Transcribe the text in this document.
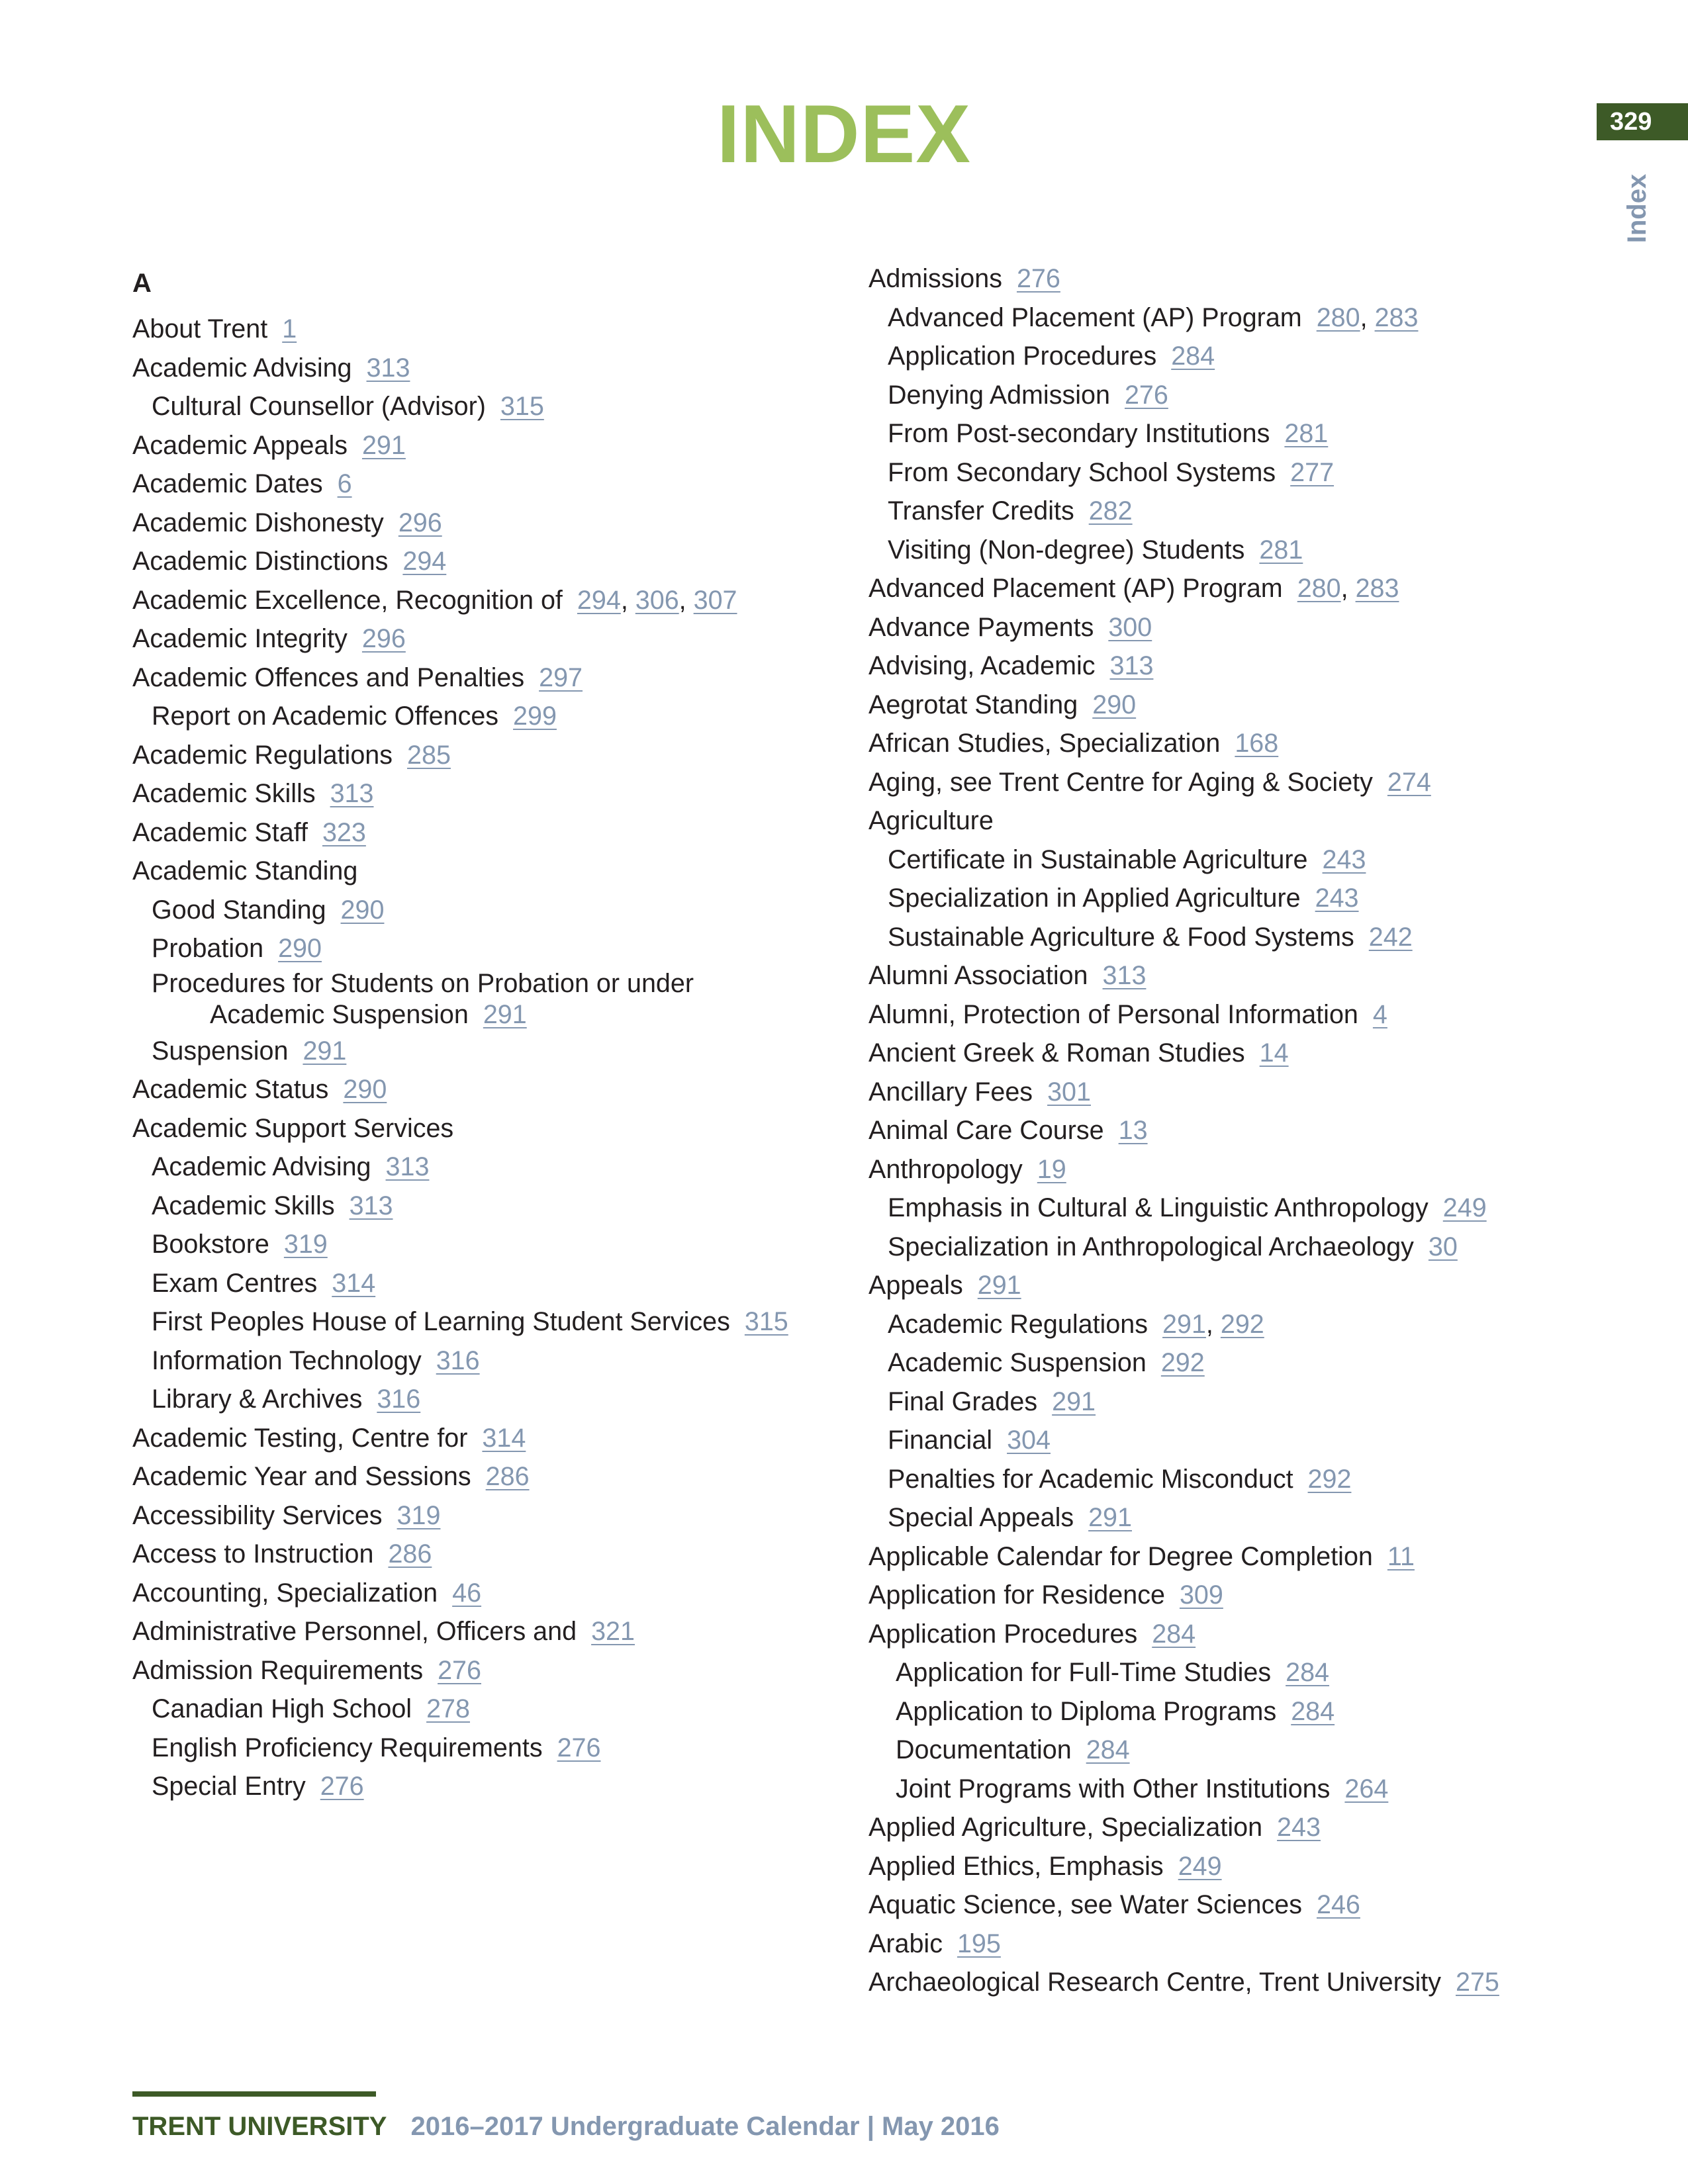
INDEX	329
Index
A
About Trent 1
Academic Advising 313
Cultural Counsellor (Advisor) 315
Academic Appeals 291
Academic Dates 6
Academic Dishonesty 296
Academic Distinctions 294
Academic Excellence, Recognition of 294, 306, 307
Academic Integrity 296
Academic Offences and Penalties 297
Report on Academic Offences 299
Academic Regulations 285
Academic Skills 313
Academic Staff 323
Academic Standing
Good Standing 290
Probation 290
Procedures for Students on Probation or under
Academic Suspension 291
Suspension 291
Academic Status 290
Academic Support Services
Academic Advising 313
Academic Skills 313
Bookstore 319
Exam Centres 314
First Peoples House of Learning Student Services 315
Information Technology 316
Library & Archives 316
Academic Testing, Centre for 314
Academic Year and Sessions 286
Accessibility Services 319
Access to Instruction 286
Accounting, Specialization 46
Administrative Personnel, Officers and 321
Admission Requirements 276
Canadian High School 278
English Proficiency Requirements 276
Special Entry 276
Admissions 276
Advanced Placement (AP) Program 280, 283
Application Procedures 284
Denying Admission 276
From Post-secondary Institutions 281
From Secondary School Systems 277
Transfer Credits 282
Visiting (Non-degree) Students 281
Advanced Placement (AP) Program 280, 283
Advance Payments 300
Advising, Academic 313
Aegrotat Standing 290
African Studies, Specialization 168
Aging, see Trent Centre for Aging & Society 274
Agriculture
Certificate in Sustainable Agriculture 243
Specialization in Applied Agriculture 243
Sustainable Agriculture & Food Systems 242
Alumni Association 313
Alumni, Protection of Personal Information 4
Ancient Greek & Roman Studies 14
Ancillary Fees 301
Animal Care Course 13
Anthropology 19
Emphasis in Cultural & Linguistic Anthropology 249
Specialization in Anthropological Archaeology 30
Appeals 291
Academic Regulations 291, 292
Academic Suspension 292
Final Grades 291
Financial 304
Penalties for Academic Misconduct 292
Special Appeals 291
Applicable Calendar for Degree Completion 11
Application for Residence 309
Application Procedures 284
Application for Full-Time Studies 284
Application to Diploma Programs 284
Documentation 284
Joint Programs with Other Institutions 264
Applied Agriculture, Specialization 243
Applied Ethics, Emphasis 249
Aquatic Science, see Water Sciences 246
Arabic 195
Archaeological Research Centre, Trent University 275
TRENT UNIVERSITY 2016–2017 Undergraduate Calendar | May 2016
